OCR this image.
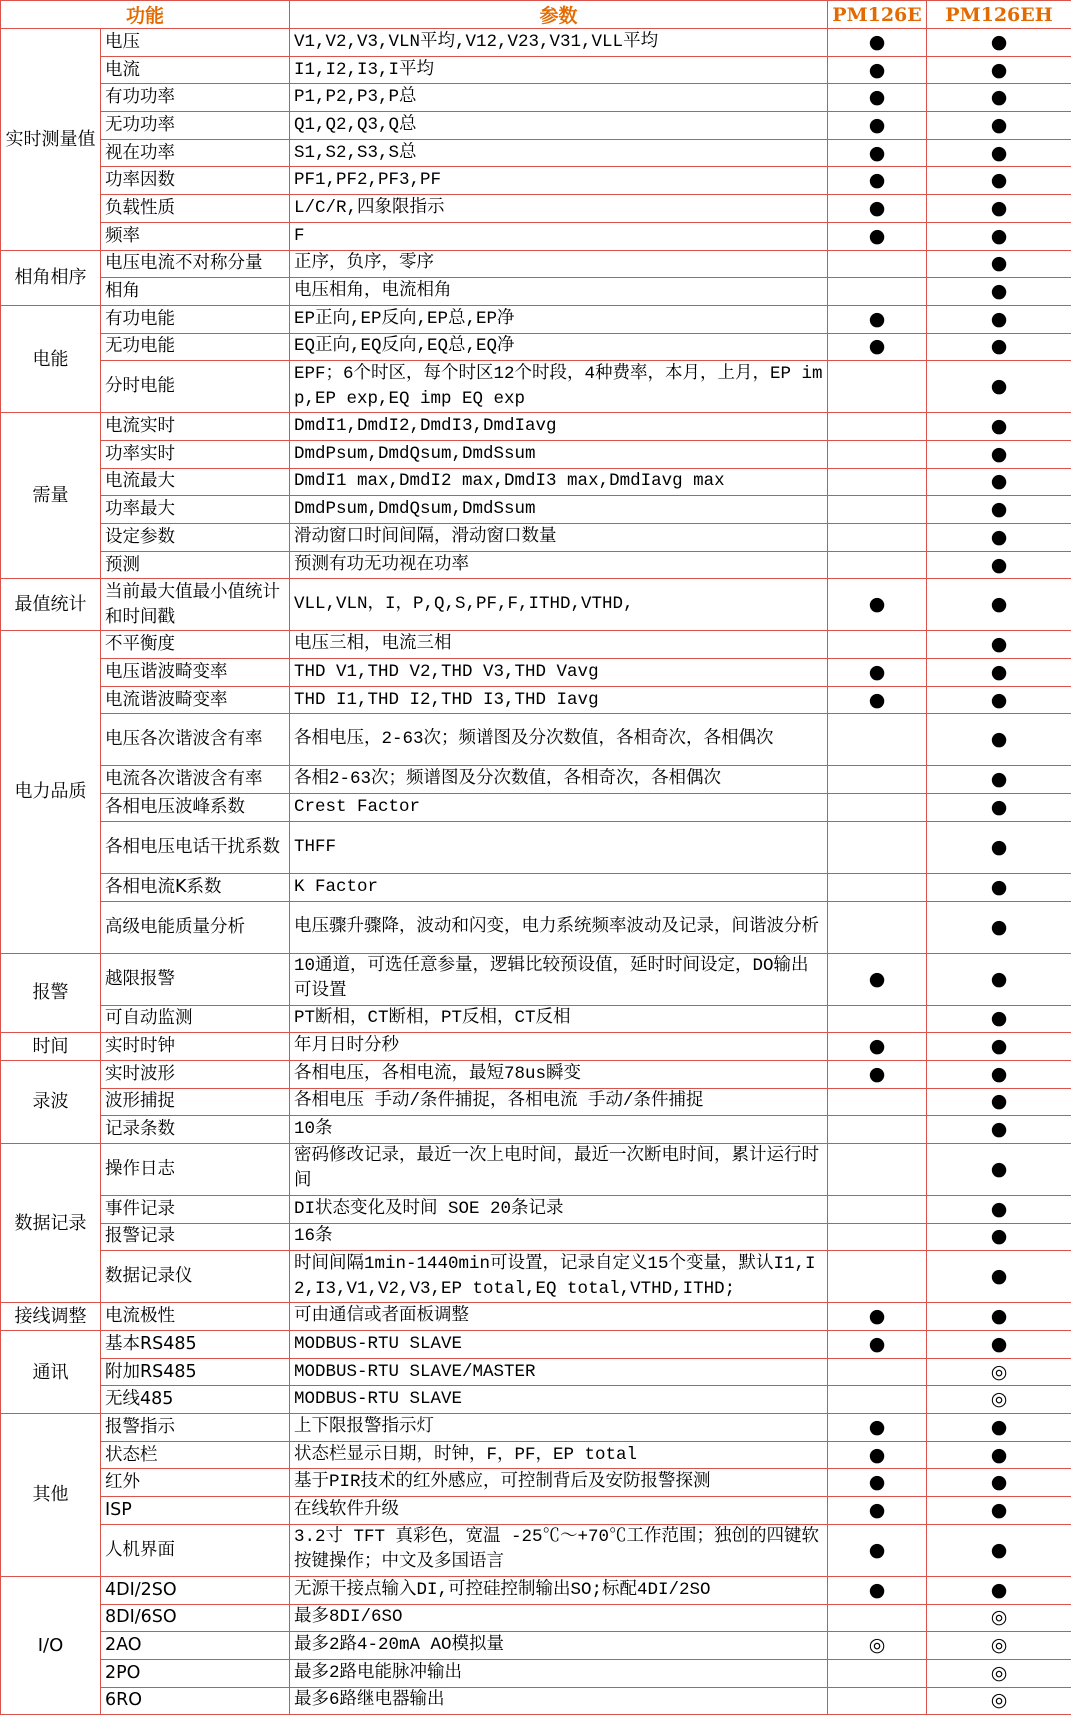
功能		参数	PM126E	PM126EH
实时测量值	电压	V1,V2,V3,VLN平均,V12,V23,V31,VLL平均	●	●
	电流	I1,I2,I3,I平均	●	●
	有功功率	P1,P2,P3,P总	●	●
	无功功率	Q1,Q2,Q3,Q总	●	●
	视在功率	S1,S2,S3,S总	●	●
	功率因数	PF1,PF2,PF3,PF	●	●
	负载性质	L/C/R,四象限指示	●	●
	频率	F	●	●
相角相序	电压电流不对称分量	正序，负序，零序		●
	相角	电压相角，电流相角		●
电能	有功电能	EP正向,EP反向,EP总,EP净	●	●
	无功电能	EQ正向,EQ反向,EQ总,EQ净	●	●
	分时电能	EPF；6个时区，每个时区12个时段，4种费率，本月，上月，EP imp,EP exp,EQ imp EQ exp		●
需量	电流实时	DmdI1,DmdI2,DmdI3,DmdIavg		●
	功率实时	DmdPsum,DmdQsum,DmdSsum		●
	电流最大	DmdI1 max,DmdI2 max,DmdI3 max,DmdIavg max		●
	功率最大	DmdPsum,DmdQsum,DmdSsum		●
	设定参数	滑动窗口时间间隔，滑动窗口数量		●
	预测	预测有功无功视在功率		●
最值统计	当前最大值最小值统计和时间戳	VLL,VLN，I，P,Q,S,PF,F,ITHD,VTHD,	●	●
电力品质	不平衡度	电压三相，电流三相		●
	电压谐波畸变率	THD V1,THD V2,THD V3,THD Vavg	●	●
	电流谐波畸变率	THD I1,THD I2,THD I3,THD Iavg	●	●
	电压各次谐波含有率	各相电压，2-63次；频谱图及分次数值，各相奇次，各相偶次		●
	电流各次谐波含有率	各相2-63次；频谱图及分次数值，各相奇次，各相偶次		●
	各相电压波峰系数	Crest Factor		●
	各相电压电话干扰系数	THFF		●
	各相电流K系数	K Factor		●
	高级电能质量分析	电压骤升骤降，波动和闪变，电力系统频率波动及记录，间谐波分析		●
报警	越限报警	10通道，可选任意参量，逻辑比较预设值，延时时间设定，DO输出可设置	●	●
	可自动监测	PT断相，CT断相，PT反相，CT反相		●
时间	实时时钟	年月日时分秒	●	●
录波	实时波形	各相电压，各相电流，最短78us瞬变	●	●
	波形捕捉	各相电压 手动/条件捕捉，各相电流 手动/条件捕捉		●
	记录条数	10条		●
数据记录	操作日志	密码修改记录，最近一次上电时间，最近一次断电时间，累计运行时间		●
	事件记录	DI状态变化及时间 SOE 20条记录		●
	报警记录	16条		●
	数据记录仪	时间间隔1min-1440min可设置，记录自定义15个变量，默认I1,I2,I3,V1,V2,V3,EP total,EQ total,VTHD,ITHD;		●
接线调整	电流极性	可由通信或者面板调整	●	●
通讯	基本RS485	MODBUS-RTU SLAVE	●	●
	附加RS485	MODBUS-RTU SLAVE/MASTER		◎
	无线485	MODBUS-RTU SLAVE		◎
其他	报警指示	上下限报警指示灯	●	●
	状态栏	状态栏显示日期，时钟，F，PF，EP total	●	●
	红外	基于PIR技术的红外感应，可控制背后及安防报警探测	●	●
	ISP	在线软件升级	●	●
	人机界面	3.2寸 TFT 真彩色，宽温 -25℃～+70℃工作范围；独创的四键软按键操作；中文及多国语言	●	●
I/O	4DI/2SO	无源干接点输入DI,可控硅控制输出SO;标配4DI/2SO	●	●
	8DI/6SO	最多8DI/6SO		◎
	2AO	最多2路4-20mA AO模拟量	◎	◎
	2PO	最多2路电能脉冲输出		◎
	6RO	最多6路继电器输出		◎
